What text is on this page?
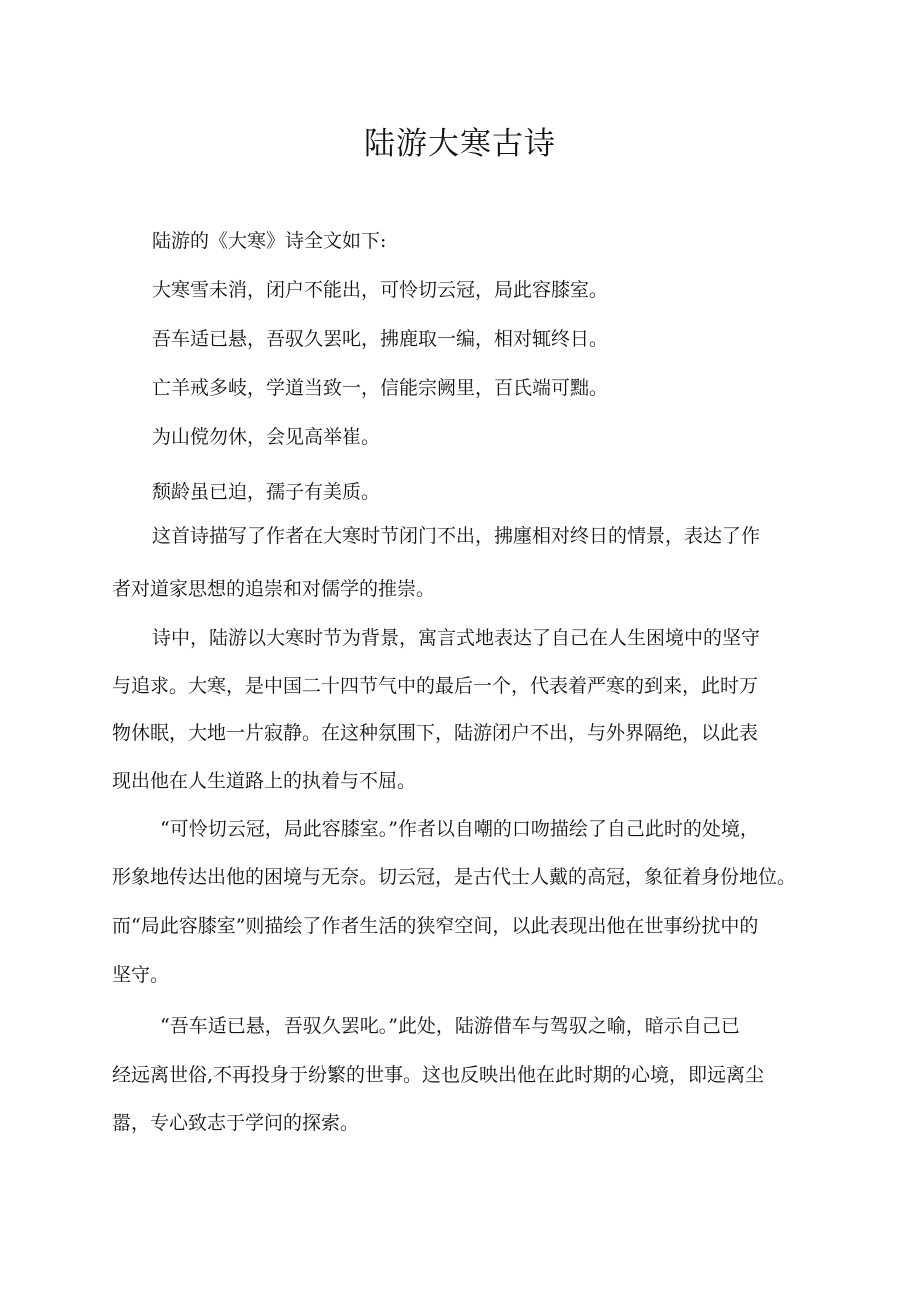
陆游大寒古诗

陆游的《大寒》诗全文如下:

大寒雪未消，闭户不能出，可怜切云冠，局此容膝室。

吾车适已悬，吾驭久罢叱，拂鹿取一编，相对辄终日。

亡羊戒多岐，学道当致一，信能宗阙里，百氏端可黜。

为山傥勿休，会见高举崔。

颓龄虽已迫，孺子有美质。

这首诗描写了作者在大寒时节闭门不出，拂廛相对终日的情景，表达了作

者对道家思想的追崇和对儒学的推崇。

诗中，陆游以大寒时节为背景，寓言式地表达了自己在人生困境中的坚守

与追求。大寒，是中国二十四节气中的最后一个，代表着严寒的到来，此时万

物休眠，大地一片寂静。在这种氛围下，陆游闭户不出，与外界隔绝，以此表

现出他在人生道路上的执着与不屈。

“可怜切云冠，局此容膝室。”作者以自嘲的口吻描绘了自己此时的处境，

形象地传达出他的困境与无奈。切云冠，是古代士人戴的高冠，象征着身份地位。

而“局此容膝室”则描绘了作者生活的狭窄空间，以此表现出他在世事纷扰中的

坚守。

“吾车适已悬，吾驭久罢叱。”此处，陆游借车与驾驭之喻，暗示自己已

经远离世俗,不再投身于纷繁的世事。这也反映出他在此时期的心境，即远离尘

嚣，专心致志于学问的探索。
